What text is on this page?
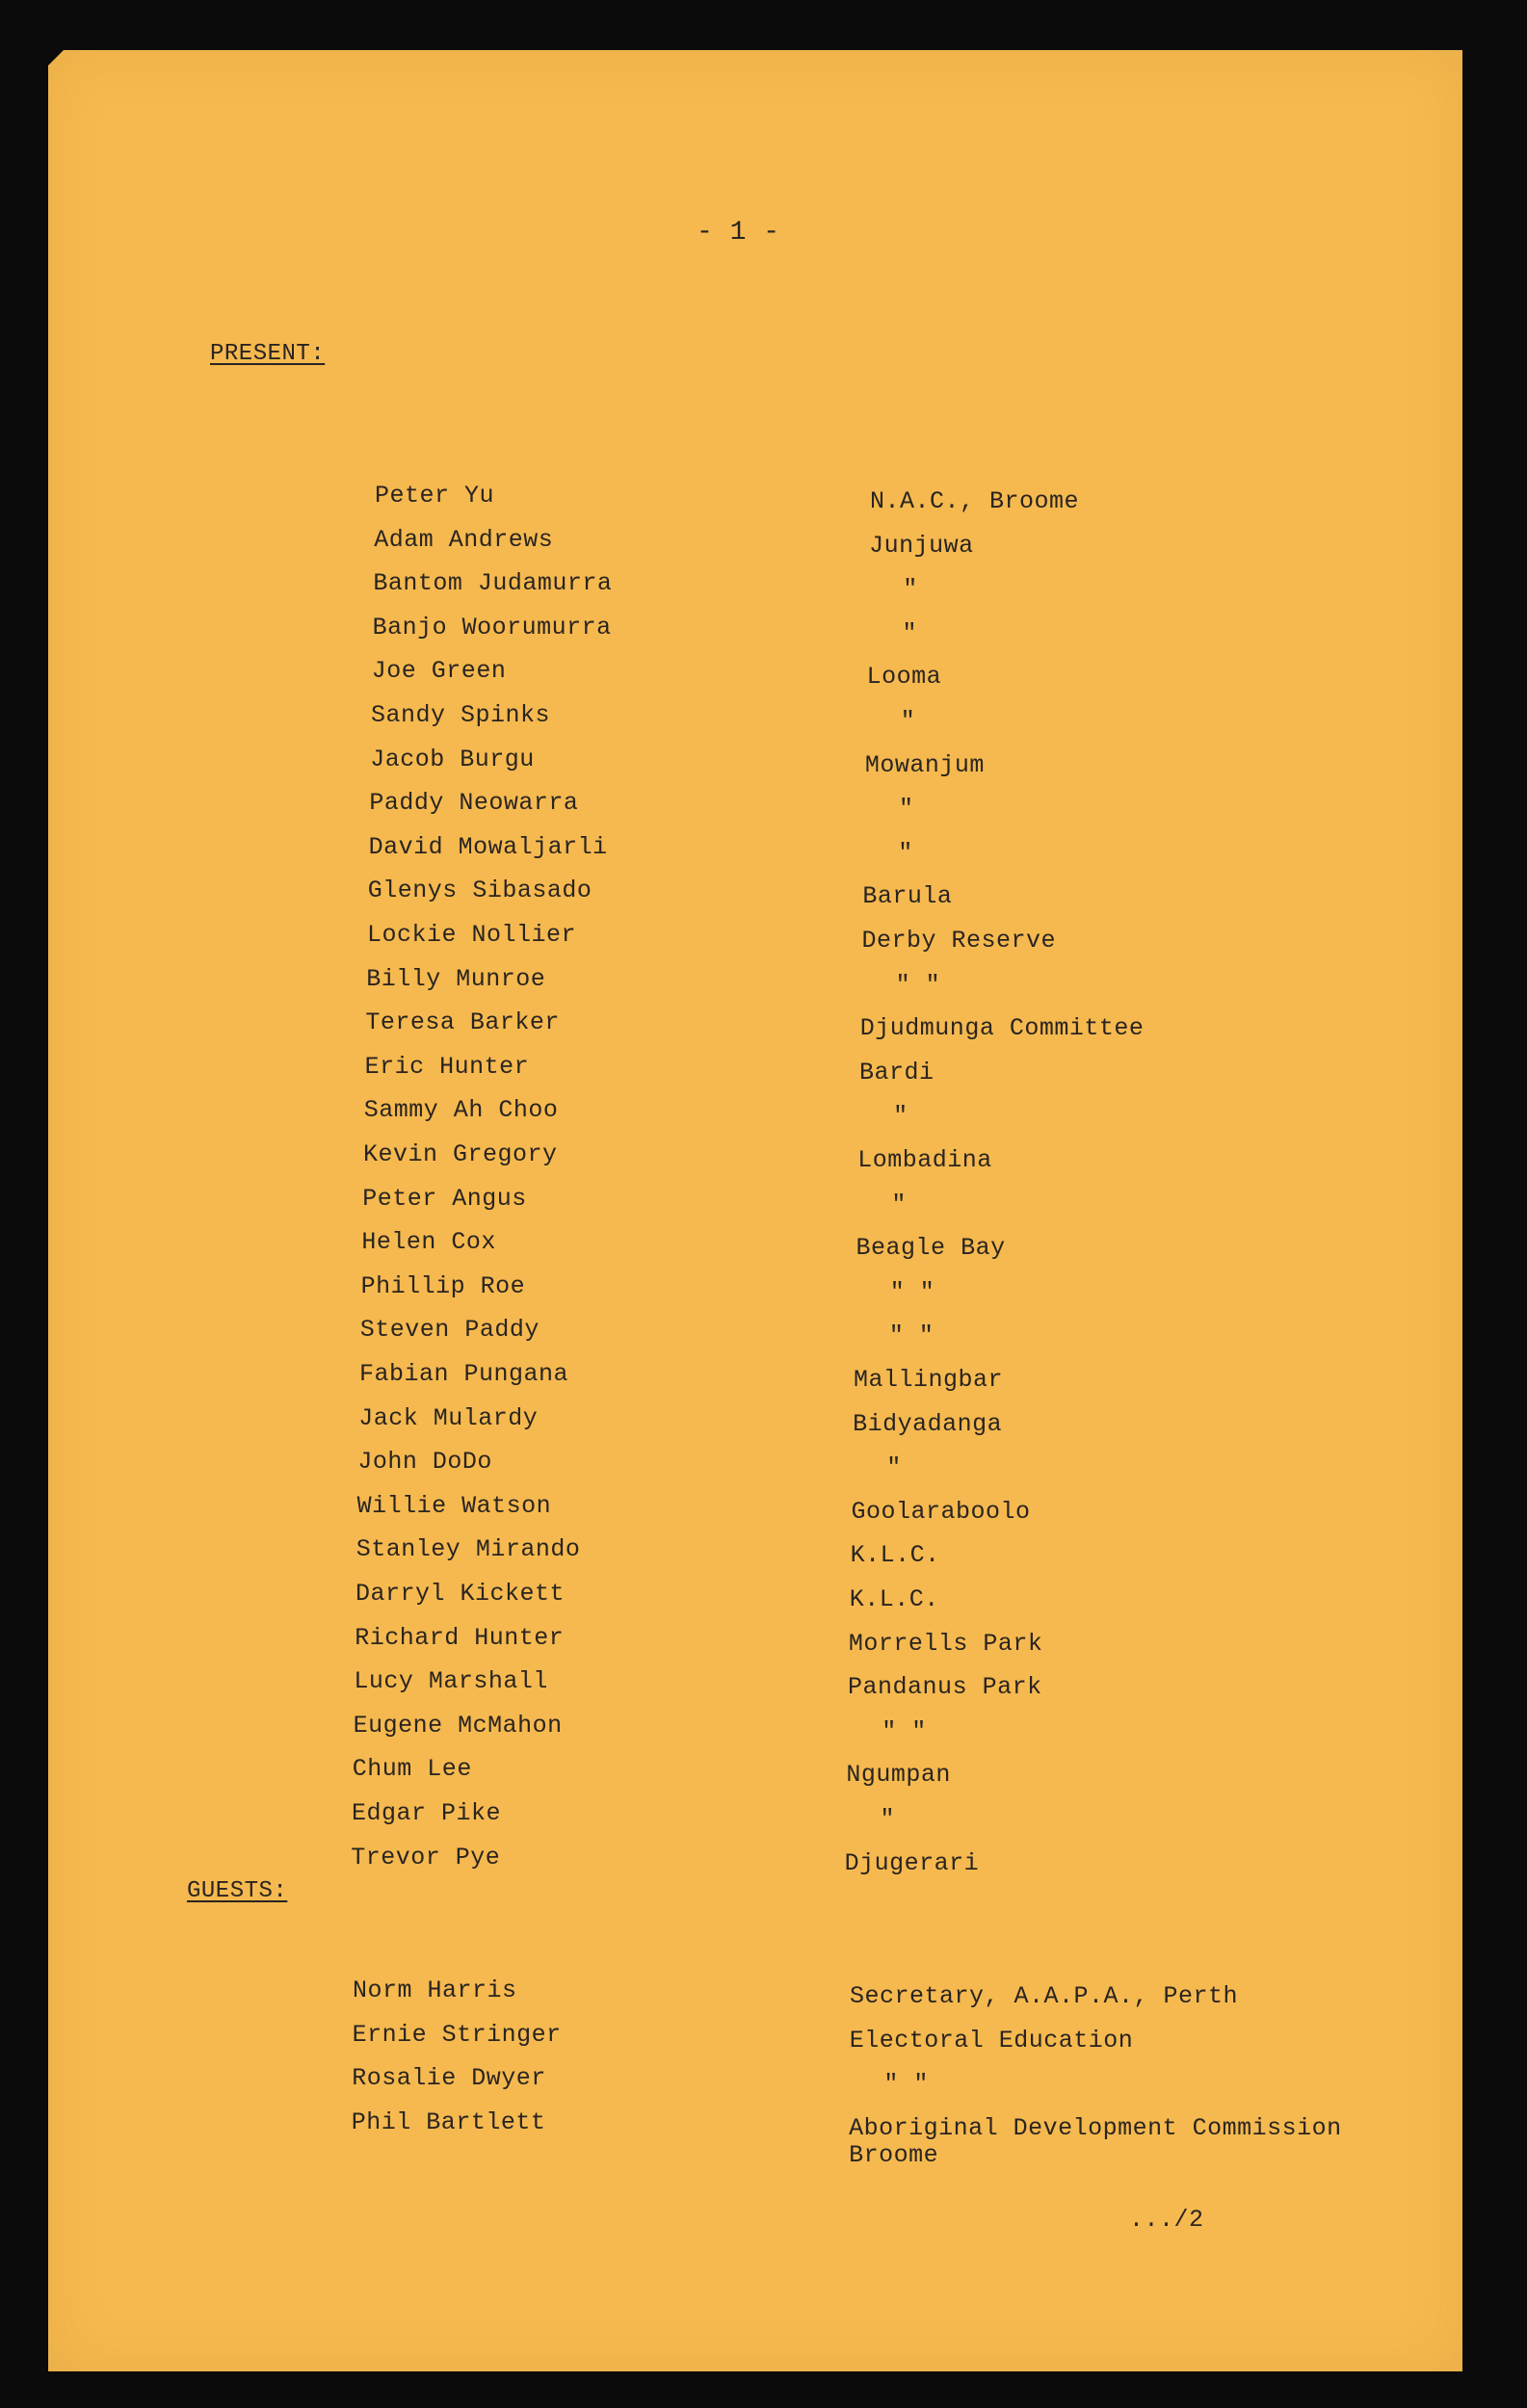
- 1 -
PRESENT:
Peter Yu	N.A.C., Broome
Adam Andrews	Junjuwa
Bantom Judamurra	"
Banjo Woorumurra	"
Joe Green	Looma
Sandy Spinks	"
Jacob Burgu	Mowanjum
Paddy Neowarra	"
David Mowaljarli	"
Glenys Sibasado	Barula
Lockie Nollier	Derby Reserve
Billy Munroe	" "
Teresa Barker	Djudmunga Committee
Eric Hunter	Bardi
Sammy Ah Choo	"
Kevin Gregory	Lombadina
Peter Angus	"
Helen Cox	Beagle Bay
Phillip Roe	" "
Steven Paddy	" "
Fabian Pungana	Mallingbar
Jack Mulardy	Bidyadanga
John DoDo	"
Willie Watson	Goolaraboolo
Stanley Mirando	K.L.C.
Darryl Kickett	K.L.C.
Richard Hunter	Morrells Park
Lucy Marshall	Pandanus Park
Eugene McMahon	" "
Chum Lee	Ngumpan
Edgar Pike	"
Trevor Pye	Djugerari
GUESTS:
Norm Harris	Secretary, A.A.P.A., Perth
Ernie Stringer	Electoral Education
Rosalie Dwyer	" "
Phil Bartlett	Aboriginal Development Commission
Broome
.../2
